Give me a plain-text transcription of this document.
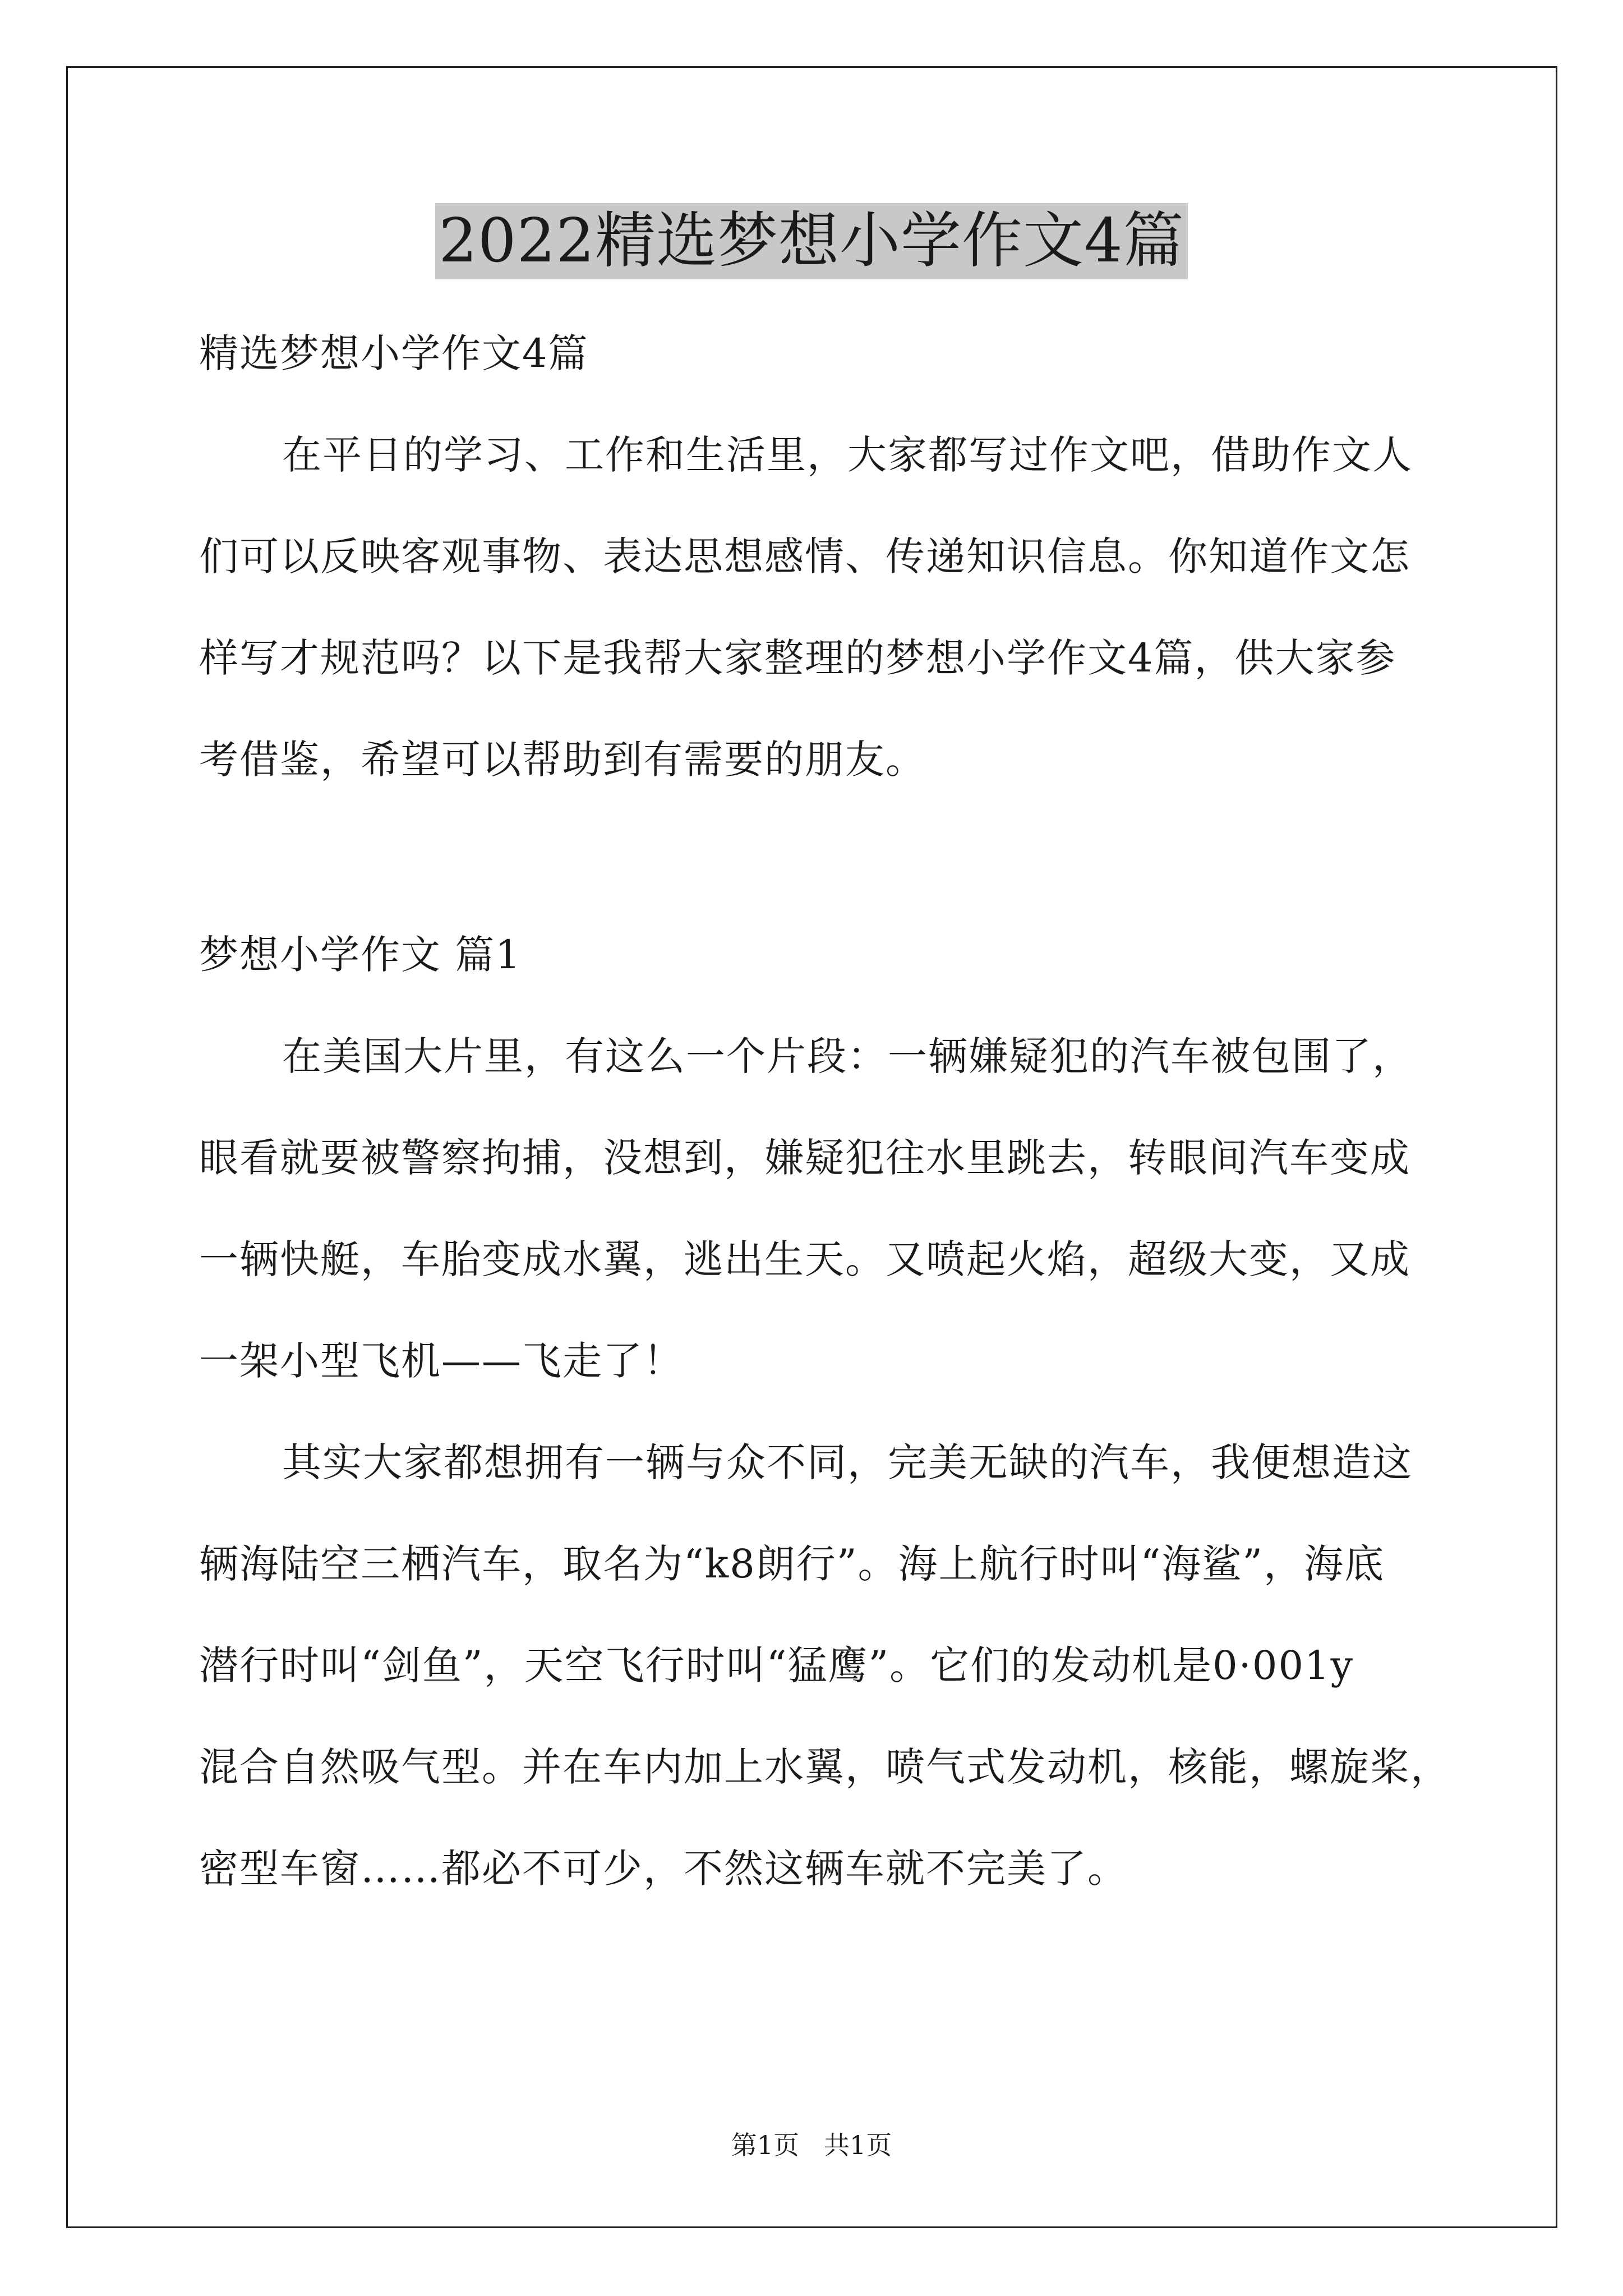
2022精选梦想小学作文4篇
精选梦想小学作文4篇
在平日的学习、工作和生活里，大家都写过作文吧，借助作文人
们可以反映客观事物、表达思想感情、传递知识信息。你知道作文怎
样写才规范吗？以下是我帮大家整理的梦想小学作文4篇，供大家参
考借鉴，希望可以帮助到有需要的朋友。
梦想小学作文 篇1
在美国大片里，有这么一个片段：一辆嫌疑犯的汽车被包围了，
眼看就要被警察拘捕，没想到，嫌疑犯往水里跳去，转眼间汽车变成
一辆快艇，车胎变成水翼，逃出生天。又喷起火焰，超级大变，又成
一架小型飞机——飞走了！
其实大家都想拥有一辆与众不同，完美无缺的汽车，我便想造这
辆海陆空三栖汽车，取名为“k8朗行”。海上航行时叫“海鲨”，海底
潜行时叫“剑鱼”，天空飞行时叫“猛鹰”。它们的发动机是0·001y
混合自然吸气型。并在车内加上水翼，喷气式发动机，核能，螺旋桨，
密型车窗……都必不可少，不然这辆车就不完美了。
第1页 共1页
